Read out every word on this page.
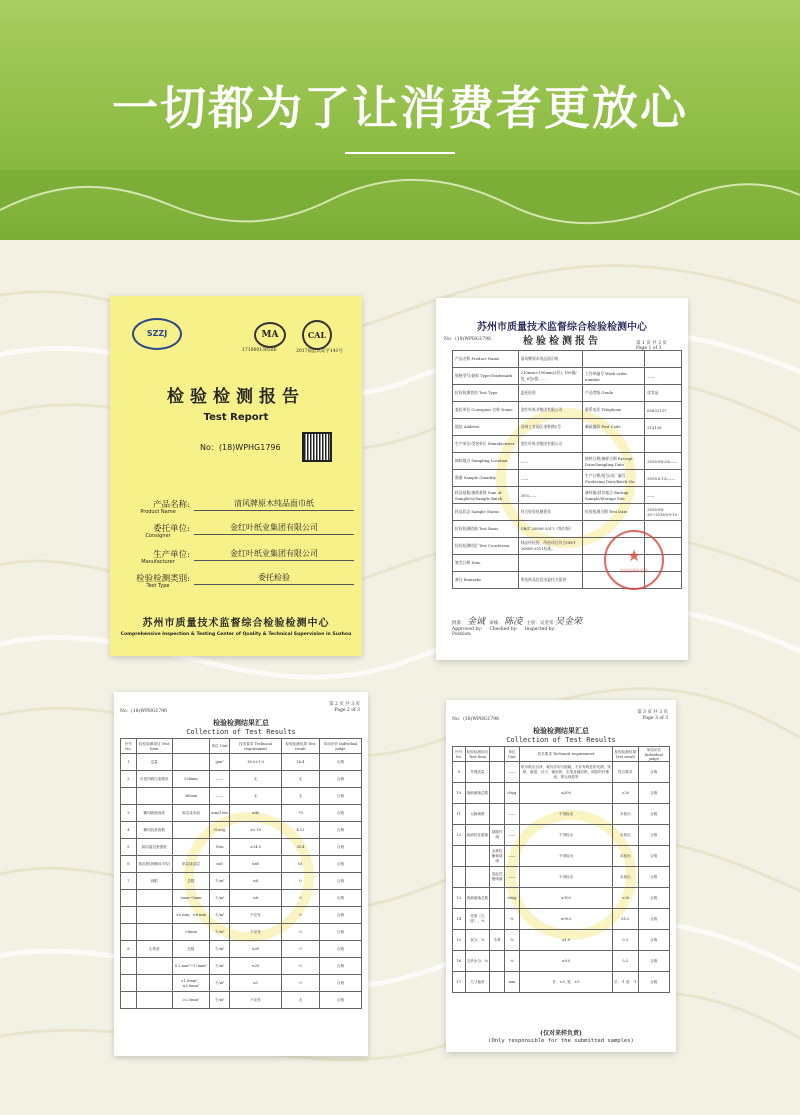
一切都为了让消费者更放心
SZZJ	MA	CAL
17100013050E	2017质监认证字141号
检验检测报告
Test Report
No：(18)WPHG1796
产品名称:
Product Name
清风牌原木纯品面巾纸
委托单位:
Consigner
金红叶纸业集团有限公司
生产单位:
Manufacturer
金红叶纸业集团有限公司
检验检测类别:
Test Type
委托检验
苏州市质量技术监督综合检验检测中心
Comprehensive Inspection & Testing Center of Quality & Technical Supervision in Suzhou
苏州市质量技术监督综合检验检测中心
检验检测报告
No：(18)WPHG1796
第 1 页 共 3 页
Page 1 of 3
产品名称 Product Name	清风牌原木纯品面巾纸		
规格型号/商标 Type/Trademark	210mm×190mm(3层), 100抽/包, 6包/提,……	工作单编号 Work order number	——
检验检测类别 Test Type	委托检验	产品等级 Grade	优等品
委托单位 Consigner 名称 Name	金红叶纸业集团有限公司	联系电话 Telephone	65832137
地址 Address	苏州工业园区金胜路1号	邮政编码 Post Code	215126
生产单位/受检单位 Manufacturer	金红叶纸业集团有限公司		
抽样地点 Sampling Location	——	抽样日期/抽样日期 Receipt Date/Sampling Date	2018-08-20/——
数量 Sample Quantity	——	生产日期/批号/出厂编号 Producing Date/Batch No.	2018.6.13/——
样品基数/抽样基数 Sum of Sample(s)/Sample Batch	393/——	备样量/封存地点 Backup Sample/Storage Site	——
样品状态 Sample Status	符合检验检测要求	检验检测日期 Test Date	2018-08-20~2018-09-10
检验检测依据 Test Basis	GB/T 20808-2011《纸巾纸》		
检验检测结论 Test Conclusion	样品经检验，所检项目符合GB/T 20808-2011标准。		
签发日期 Date			
备注 Remarks	所检样品信息由委托方提供		
★
检验检测专用章
批准： 金诚 审核： 陈凌 主检：吴金荣 吴金荣
Approved by: Checked by: Inspected by:
Position:
No：(18)WPHG1796
第 2 页 共 3 页
Page 2 of 3
检验检测结果汇总
Collection of Test Results
序号 No.	检验检测项目 Test Item		单位 Unit	技术要求 Technical requirement	检验检测结果 Test result	单项评价 Individual judge
1	定量		g/m²	16.0±1.0	16.4	合格
2	可见印刷污染情况	254mm	——	无	无	合格
		365nm	——	无	无	合格
3	横向吸液高度	固定成本值	mm/100s	≥40	79	合格
4	横向抗张指数		N·m/g	≥2.10	4.12	合格
5	纵向湿抗张强度		N/m	≥14.0	35.4	合格
6	柔软度(纵横向平均)	单层成双层	mN	≤60	61	合格
7	洞眼	总数	个/m²	≤8	0	合格
		2mm~5mm	个/m²	≤8	0	合格
		>5 mm，≤8 mm	个/m²	不应有	0	合格
		>8mm	个/m²	不应有	0	合格
8	尘埃度	总数	个/m²	≤20	0	合格
		0.2 mm²~1.0mm²	个/m²	≤20	0	合格
		>1.0mm²，≤2.0mm²	个/m²	≤1	0	合格
		>2.0mm²	个/m²	不应有	无	合格
No：(18)WPHG1796
第 3 页 共 3 页
Page 3 of 3
检验检测结果汇总
Collection of Test Results
序号 No.	检验检测项目 Test Item		单位 Unit	技术要求 Technical requirement	检验检测结果 Test result	单项评价 Individual judge
9	外观质量		——	纸巾纸应洁净，皱纹应均匀细腻，不应有明显的死褶、残缺、破损、沙子、硬质块、生纸及硬质纸、明显的纤维束、掉毛现象等	符合要求	合格
10	细菌菌落总数		cfu/g	≤200	<20	合格
11	大肠菌群		——	不得检出	未检出	合格
12	致病性化脓菌	绿脓杆菌	——	不得检出	未检出	合格
		金黄色葡萄球菌	——	不得检出	未检出	合格
		溶血性链球菌	——	不得检出	未检出	合格
13	真菌菌落总数		cfu/g	≤100	<20	合格
14	亮度（白度），%		%	≤90.0	85.2	合格
15	灰分，%	木浆	%	≤1.0	0.3	合格
16	交货水分，%		%	≤9.0	5.2	合格
17	尺寸偏差		mm	长：±5, 宽：±5	长：-1 宽：-1	合格
(仅对来样负责)
(Only responsible for the submitted samples)
